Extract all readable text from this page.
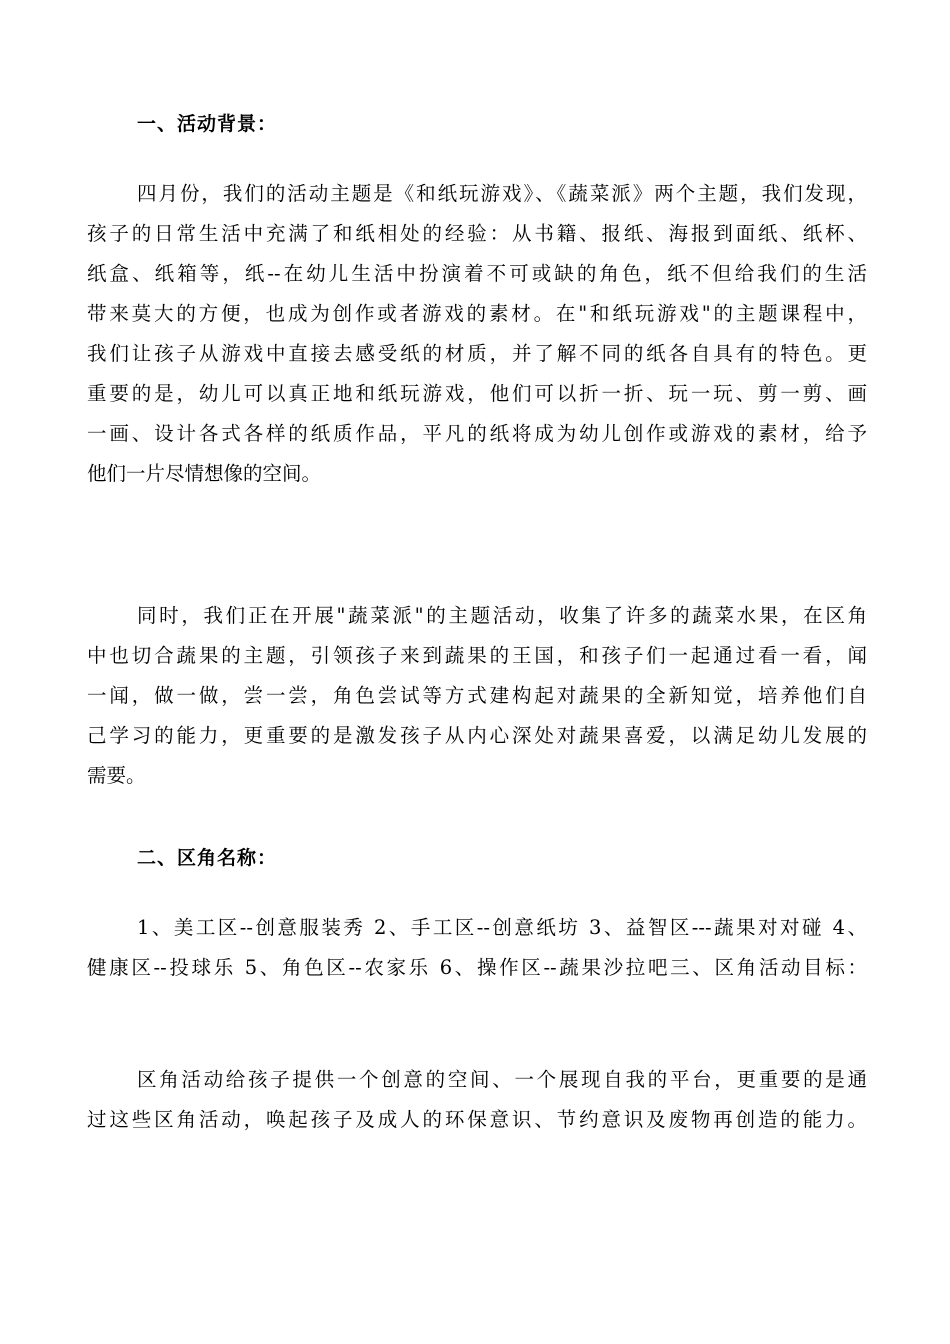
一、活动背景：
四月份，我们的活动主题是《和纸玩游戏》、《蔬菜派》两个主题，我们发现，
孩子的日常生活中充满了和纸相处的经验：从书籍、报纸、海报到面纸、纸杯、
纸盒、纸箱等，纸--在幼儿生活中扮演着不可或缺的角色，纸不但给我们的生活
带来莫大的方便，也成为创作或者游戏的素材。在"和纸玩游戏"的主题课程中，
我们让孩子从游戏中直接去感受纸的材质，并了解不同的纸各自具有的特色。更
重要的是，幼儿可以真正地和纸玩游戏，他们可以折一折、玩一玩、剪一剪、画
一画、设计各式各样的纸质作品，平凡的纸将成为幼儿创作或游戏的素材，给予
他们一片尽情想像的空间。
同时，我们正在开展"蔬菜派"的主题活动，收集了许多的蔬菜水果，在区角
中也切合蔬果的主题，引领孩子来到蔬果的王国，和孩子们一起通过看一看，闻
一闻，做一做，尝一尝，角色尝试等方式建构起对蔬果的全新知觉，培养他们自
己学习的能力，更重要的是激发孩子从内心深处对蔬果喜爱，以满足幼儿发展的
需要。
二、区角名称：
1、美工区--创意服装秀 2、手工区--创意纸坊 3、益智区---蔬果对对碰 4、
健康区--投球乐 5、角色区--农家乐 6、操作区--蔬果沙拉吧三、区角活动目标：
区角活动给孩子提供一个创意的空间、一个展现自我的平台，更重要的是通
过这些区角活动，唤起孩子及成人的环保意识、节约意识及废物再创造的能力。
